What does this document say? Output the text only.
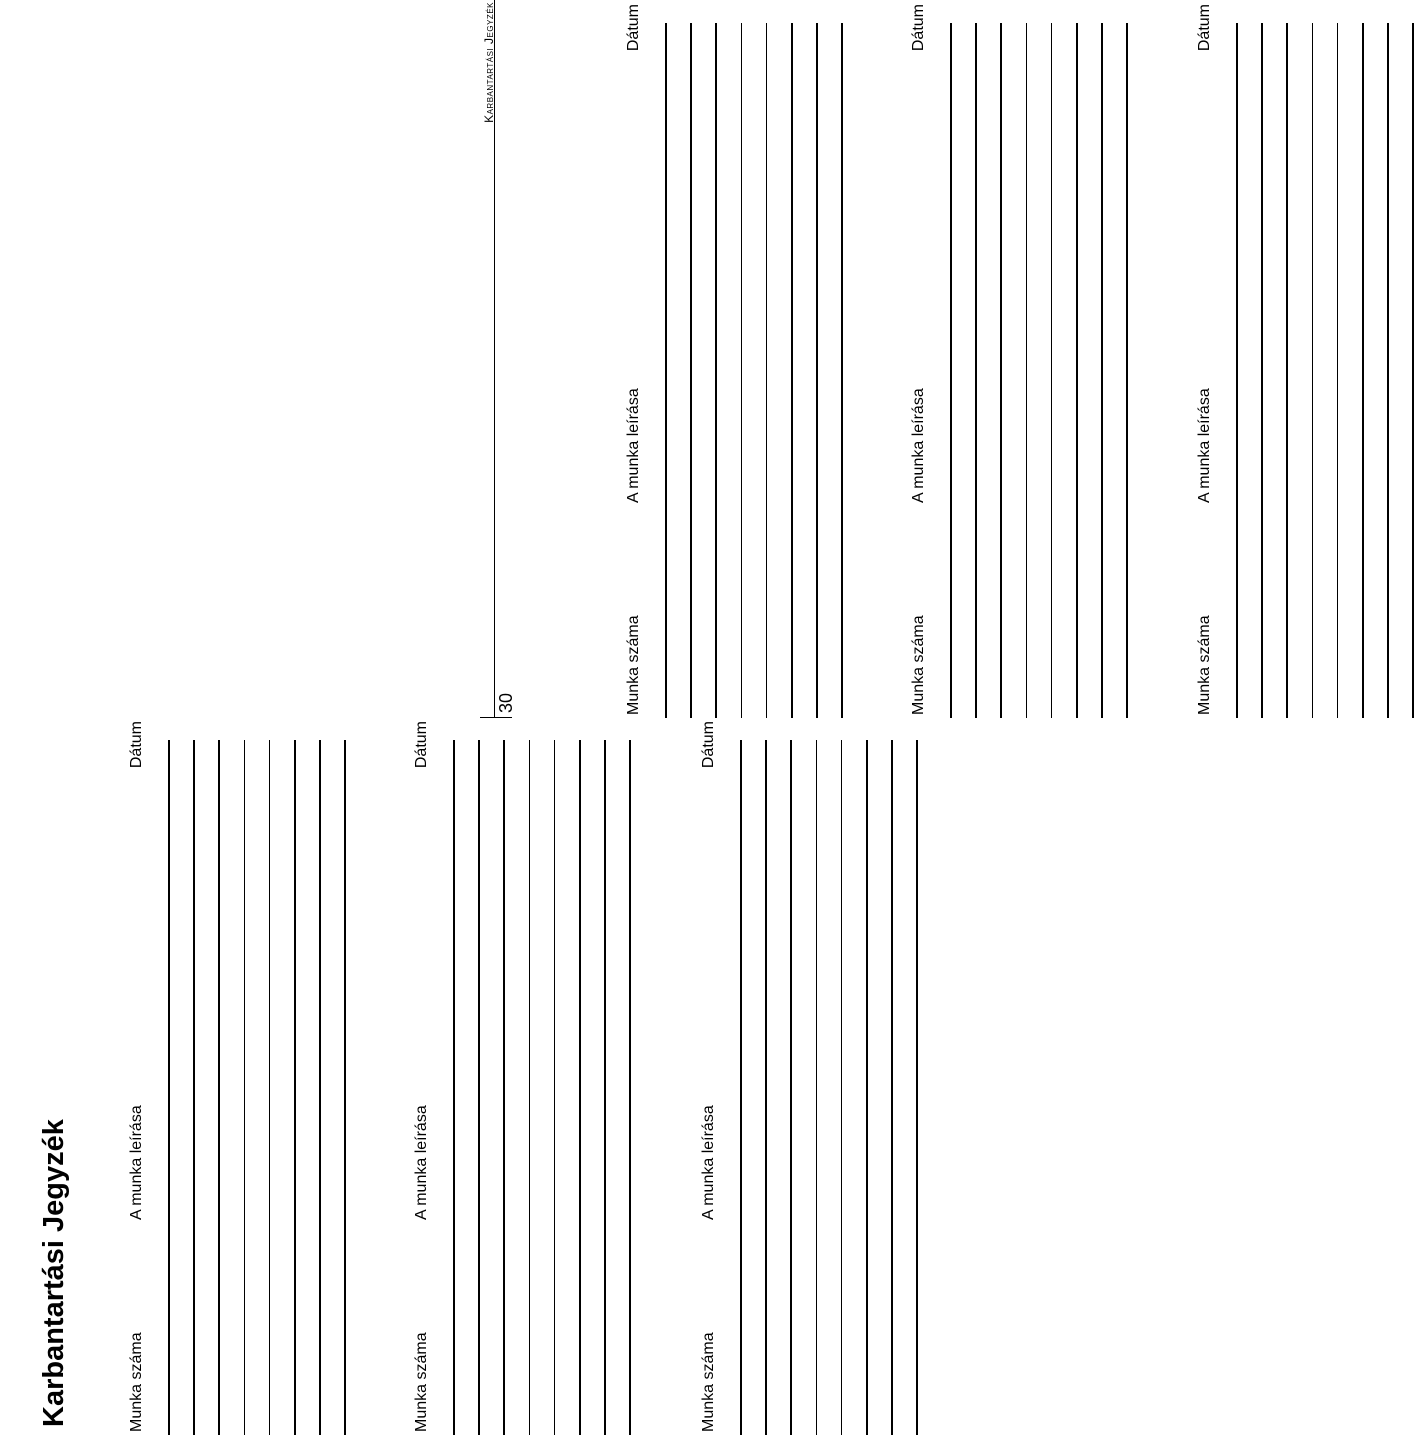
Karbantartási Jegyzék	Munka száma
A munka leírása
Dátum
Munka száma
A munka leírása
Dátum
Munka száma
A munka leírása
Dátum
30
Karbantartási Jegyzék
Munka száma
A munka leírása
Dátum
Munka száma
A munka leírása
Dátum
Munka száma
A munka leírása
Dátum
